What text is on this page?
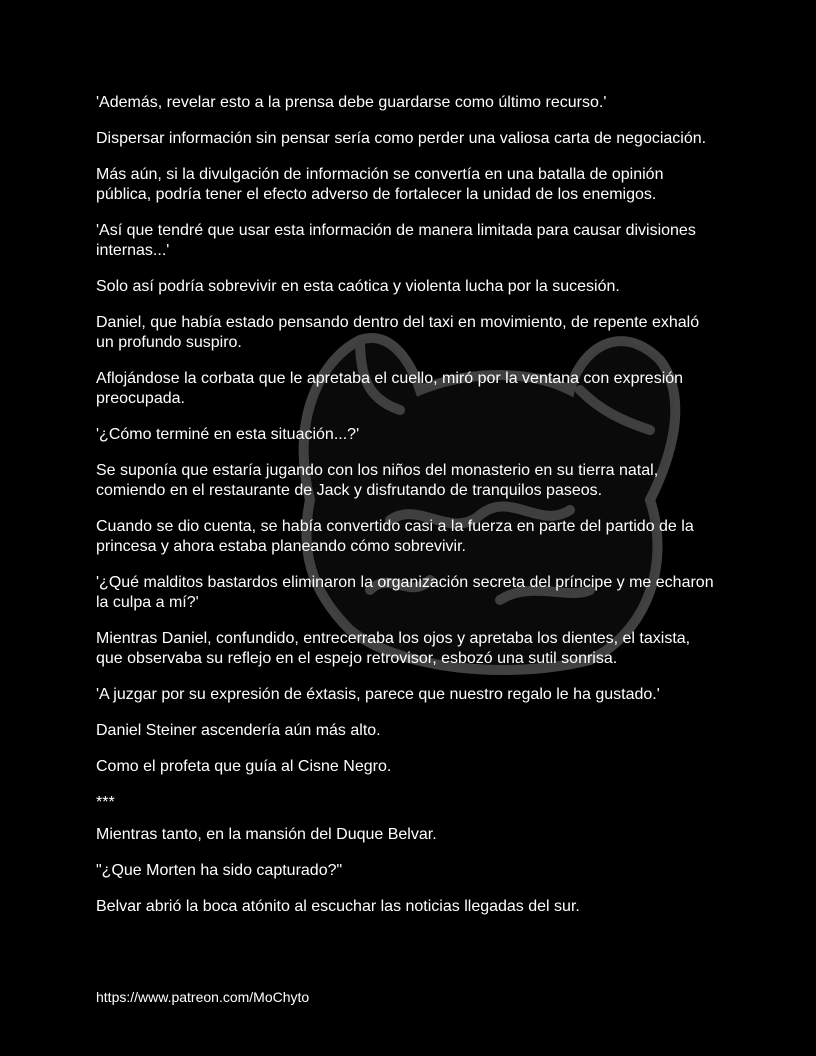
'Además, revelar esto a la prensa debe guardarse como último recurso.'

Dispersar información sin pensar sería como perder una valiosa carta de negociación.

Más aún, si la divulgación de información se convertía en una batalla de opinión pública, podría tener el efecto adverso de fortalecer la unidad de los enemigos.

'Así que tendré que usar esta información de manera limitada para causar divisiones internas...'

Solo así podría sobrevivir en esta caótica y violenta lucha por la sucesión.

Daniel, que había estado pensando dentro del taxi en movimiento, de repente exhaló un profundo suspiro.

Aflojándose la corbata que le apretaba el cuello, miró por la ventana con expresión preocupada.

'¿Cómo terminé en esta situación...?'

Se suponía que estaría jugando con los niños del monasterio en su tierra natal, comiendo en el restaurante de Jack y disfrutando de tranquilos paseos.

Cuando se dio cuenta, se había convertido casi a la fuerza en parte del partido de la princesa y ahora estaba planeando cómo sobrevivir.

'¿Qué malditos bastardos eliminaron la organización secreta del príncipe y me echaron la culpa a mí?'

Mientras Daniel, confundido, entrecerraba los ojos y apretaba los dientes, el taxista, que observaba su reflejo en el espejo retrovisor, esbozó una sutil sonrisa.

'A juzgar por su expresión de éxtasis, parece que nuestro regalo le ha gustado.'

Daniel Steiner ascendería aún más alto.

Como el profeta que guía al Cisne Negro.

***

Mientras tanto, en la mansión del Duque Belvar.

"¿Que Morten ha sido capturado?"

Belvar abrió la boca atónito al escuchar las noticias llegadas del sur.

https://www.patreon.com/MoChyto
